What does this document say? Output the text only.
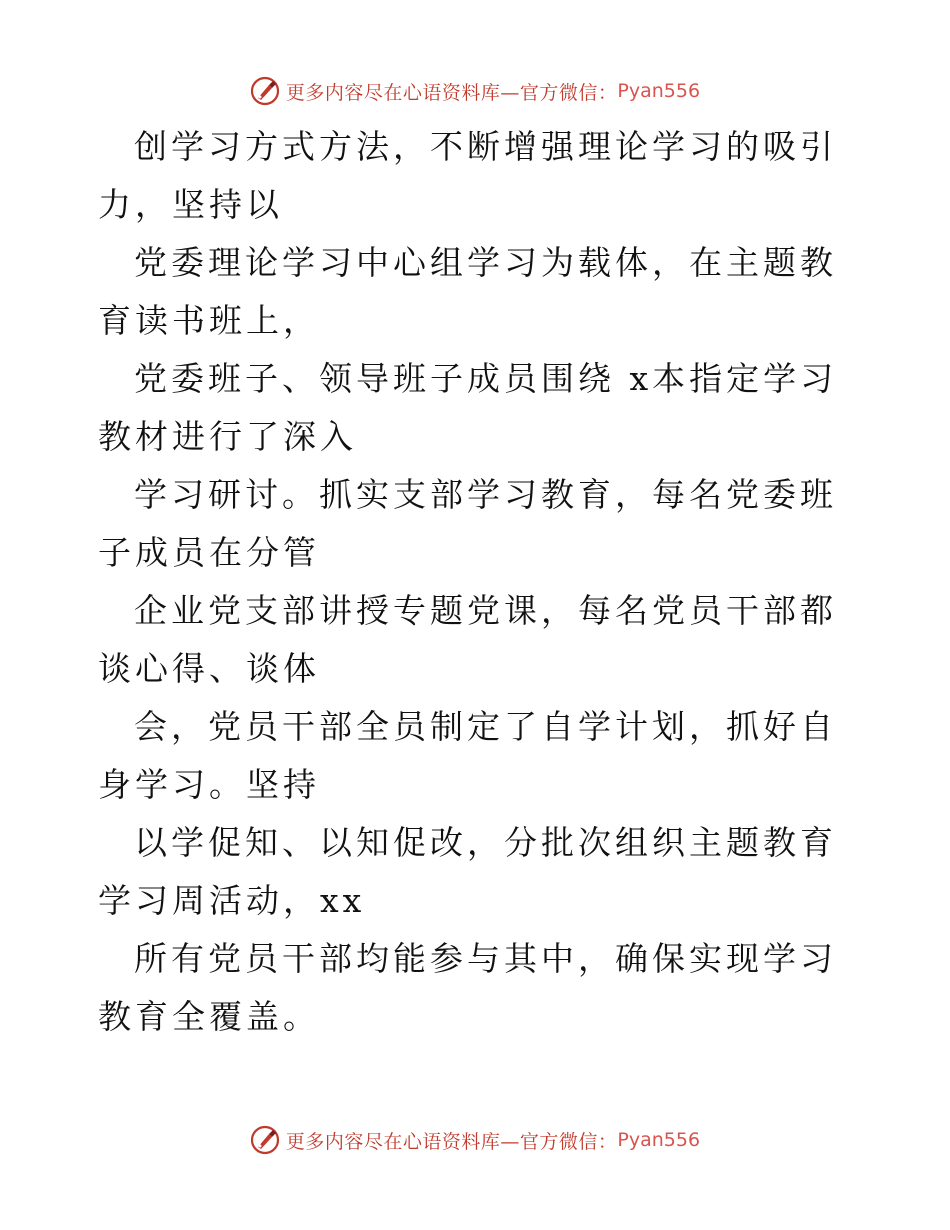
更多内容尽在心语资料库—官方微信： Pyan556

创学习方式方法，不断增强理论学习的吸引力，坚持以

党委理论学习中心组学习为载体，在主题教育读书班上，

党委班子、领导班子成员围绕 x本指定学习教材进行了深入

学习研讨。抓实支部学习教育，每名党委班子成员在分管

企业党支部讲授专题党课，每名党员干部都谈心得、谈体

会，党员干部全员制定了自学计划，抓好自身学习。坚持

以学促知、以知促改，分批次组织主题教育学习周活动，xx

所有党员干部均能参与其中，确保实现学习教育全覆盖。

更多内容尽在心语资料库—官方微信： Pyan556
